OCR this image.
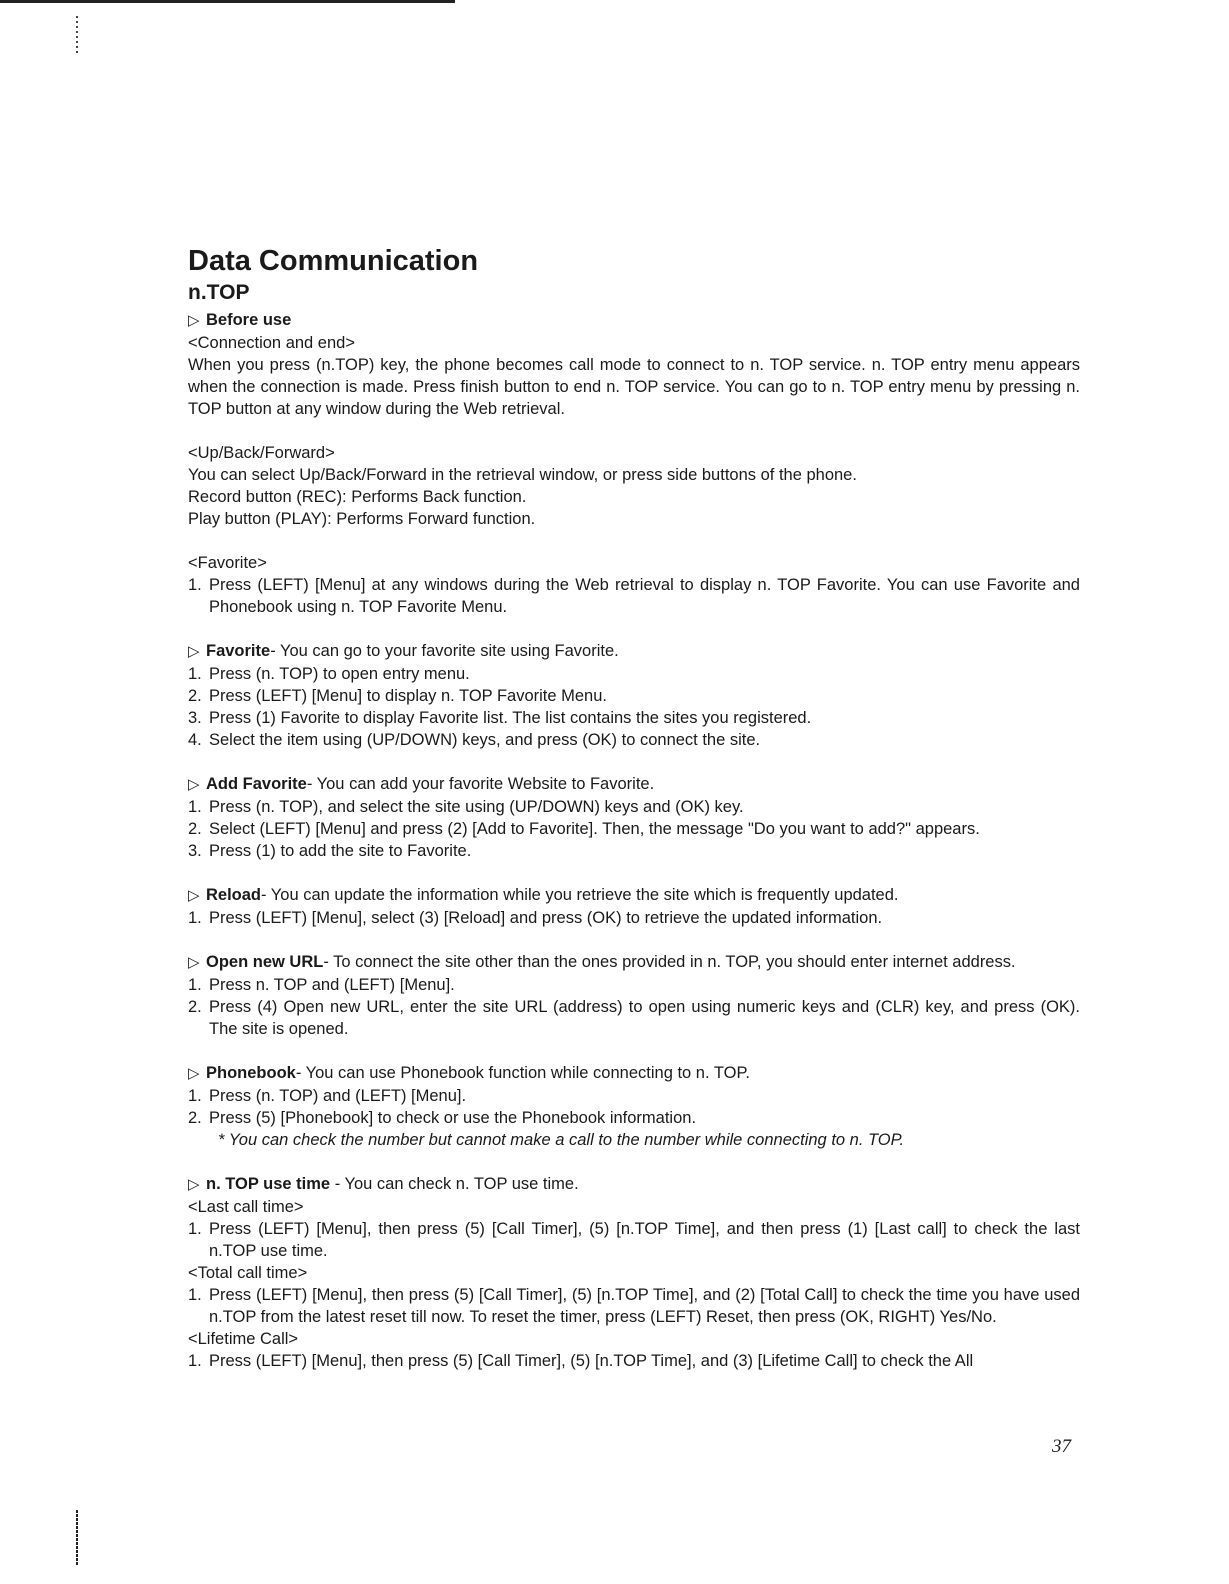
Data Communication
n.TOP

▷ Before use

<Connection and end>

When you press (n.TOP) key, the phone becomes call mode to connect to n. TOP service. n. TOP entry menu appears when the connection is made. Press finish button to end n. TOP service. You can go to n. TOP entry menu by pressing n. TOP button at any window during the Web retrieval.

<Up/Back/Forward>

You can select Up/Back/Forward in the retrieval window, or press side buttons of the phone.

Record button (REC): Performs Back function.

Play button (PLAY): Performs Forward function.

<Favorite>

1. Press (LEFT) [Menu] at any windows during the Web retrieval to display n. TOP Favorite. You can use Favorite and Phonebook using n. TOP Favorite Menu.

▷ Favorite- You can go to your favorite site using Favorite.

1. Press (n. TOP) to open entry menu.
2. Press (LEFT) [Menu] to display n. TOP Favorite Menu.
3. Press (1) Favorite to display Favorite list. The list contains the sites you registered.
4. Select the item using (UP/DOWN) keys, and press (OK) to connect the site.

▷ Add Favorite- You can add your favorite Website to Favorite.

1. Press (n. TOP), and select the site using (UP/DOWN) keys and (OK) key.
2. Select (LEFT) [Menu] and press (2) [Add to Favorite]. Then, the message "Do you want to add?" appears.
3. Press (1) to add the site to Favorite.

▷ Reload- You can update the information while you retrieve the site which is frequently updated.

1. Press (LEFT) [Menu], select (3) [Reload] and press (OK) to retrieve the updated information.

▷ Open new URL- To connect the site other than the ones provided in n. TOP, you should enter internet address.

1. Press n. TOP and (LEFT) [Menu].
2. Press (4) Open new URL, enter the site URL (address) to open using numeric keys and (CLR) key, and press (OK). The site is opened.

▷ Phonebook- You can use Phonebook function while connecting to n. TOP.

1. Press (n. TOP) and (LEFT) [Menu].
2. Press (5) [Phonebook] to check or use the Phonebook information.

* You can check the number but cannot make a call to the number while connecting to n. TOP.

▷ n. TOP use time - You can check n. TOP use time.

<Last call time>

1. Press (LEFT) [Menu], then press (5) [Call Timer], (5) [n.TOP Time], and then press (1) [Last call] to check the last n.TOP use time.

<Total call time>

1. Press (LEFT) [Menu], then press (5) [Call Timer], (5) [n.TOP Time], and (2) [Total Call] to check the time you have used n.TOP from the latest reset till now. To reset the timer, press (LEFT) Reset, then press (OK, RIGHT) Yes/No.

<Lifetime Call>

1. Press (LEFT) [Menu], then press (5) [Call Timer], (5) [n.TOP Time], and (3) [Lifetime Call] to check the All
37
